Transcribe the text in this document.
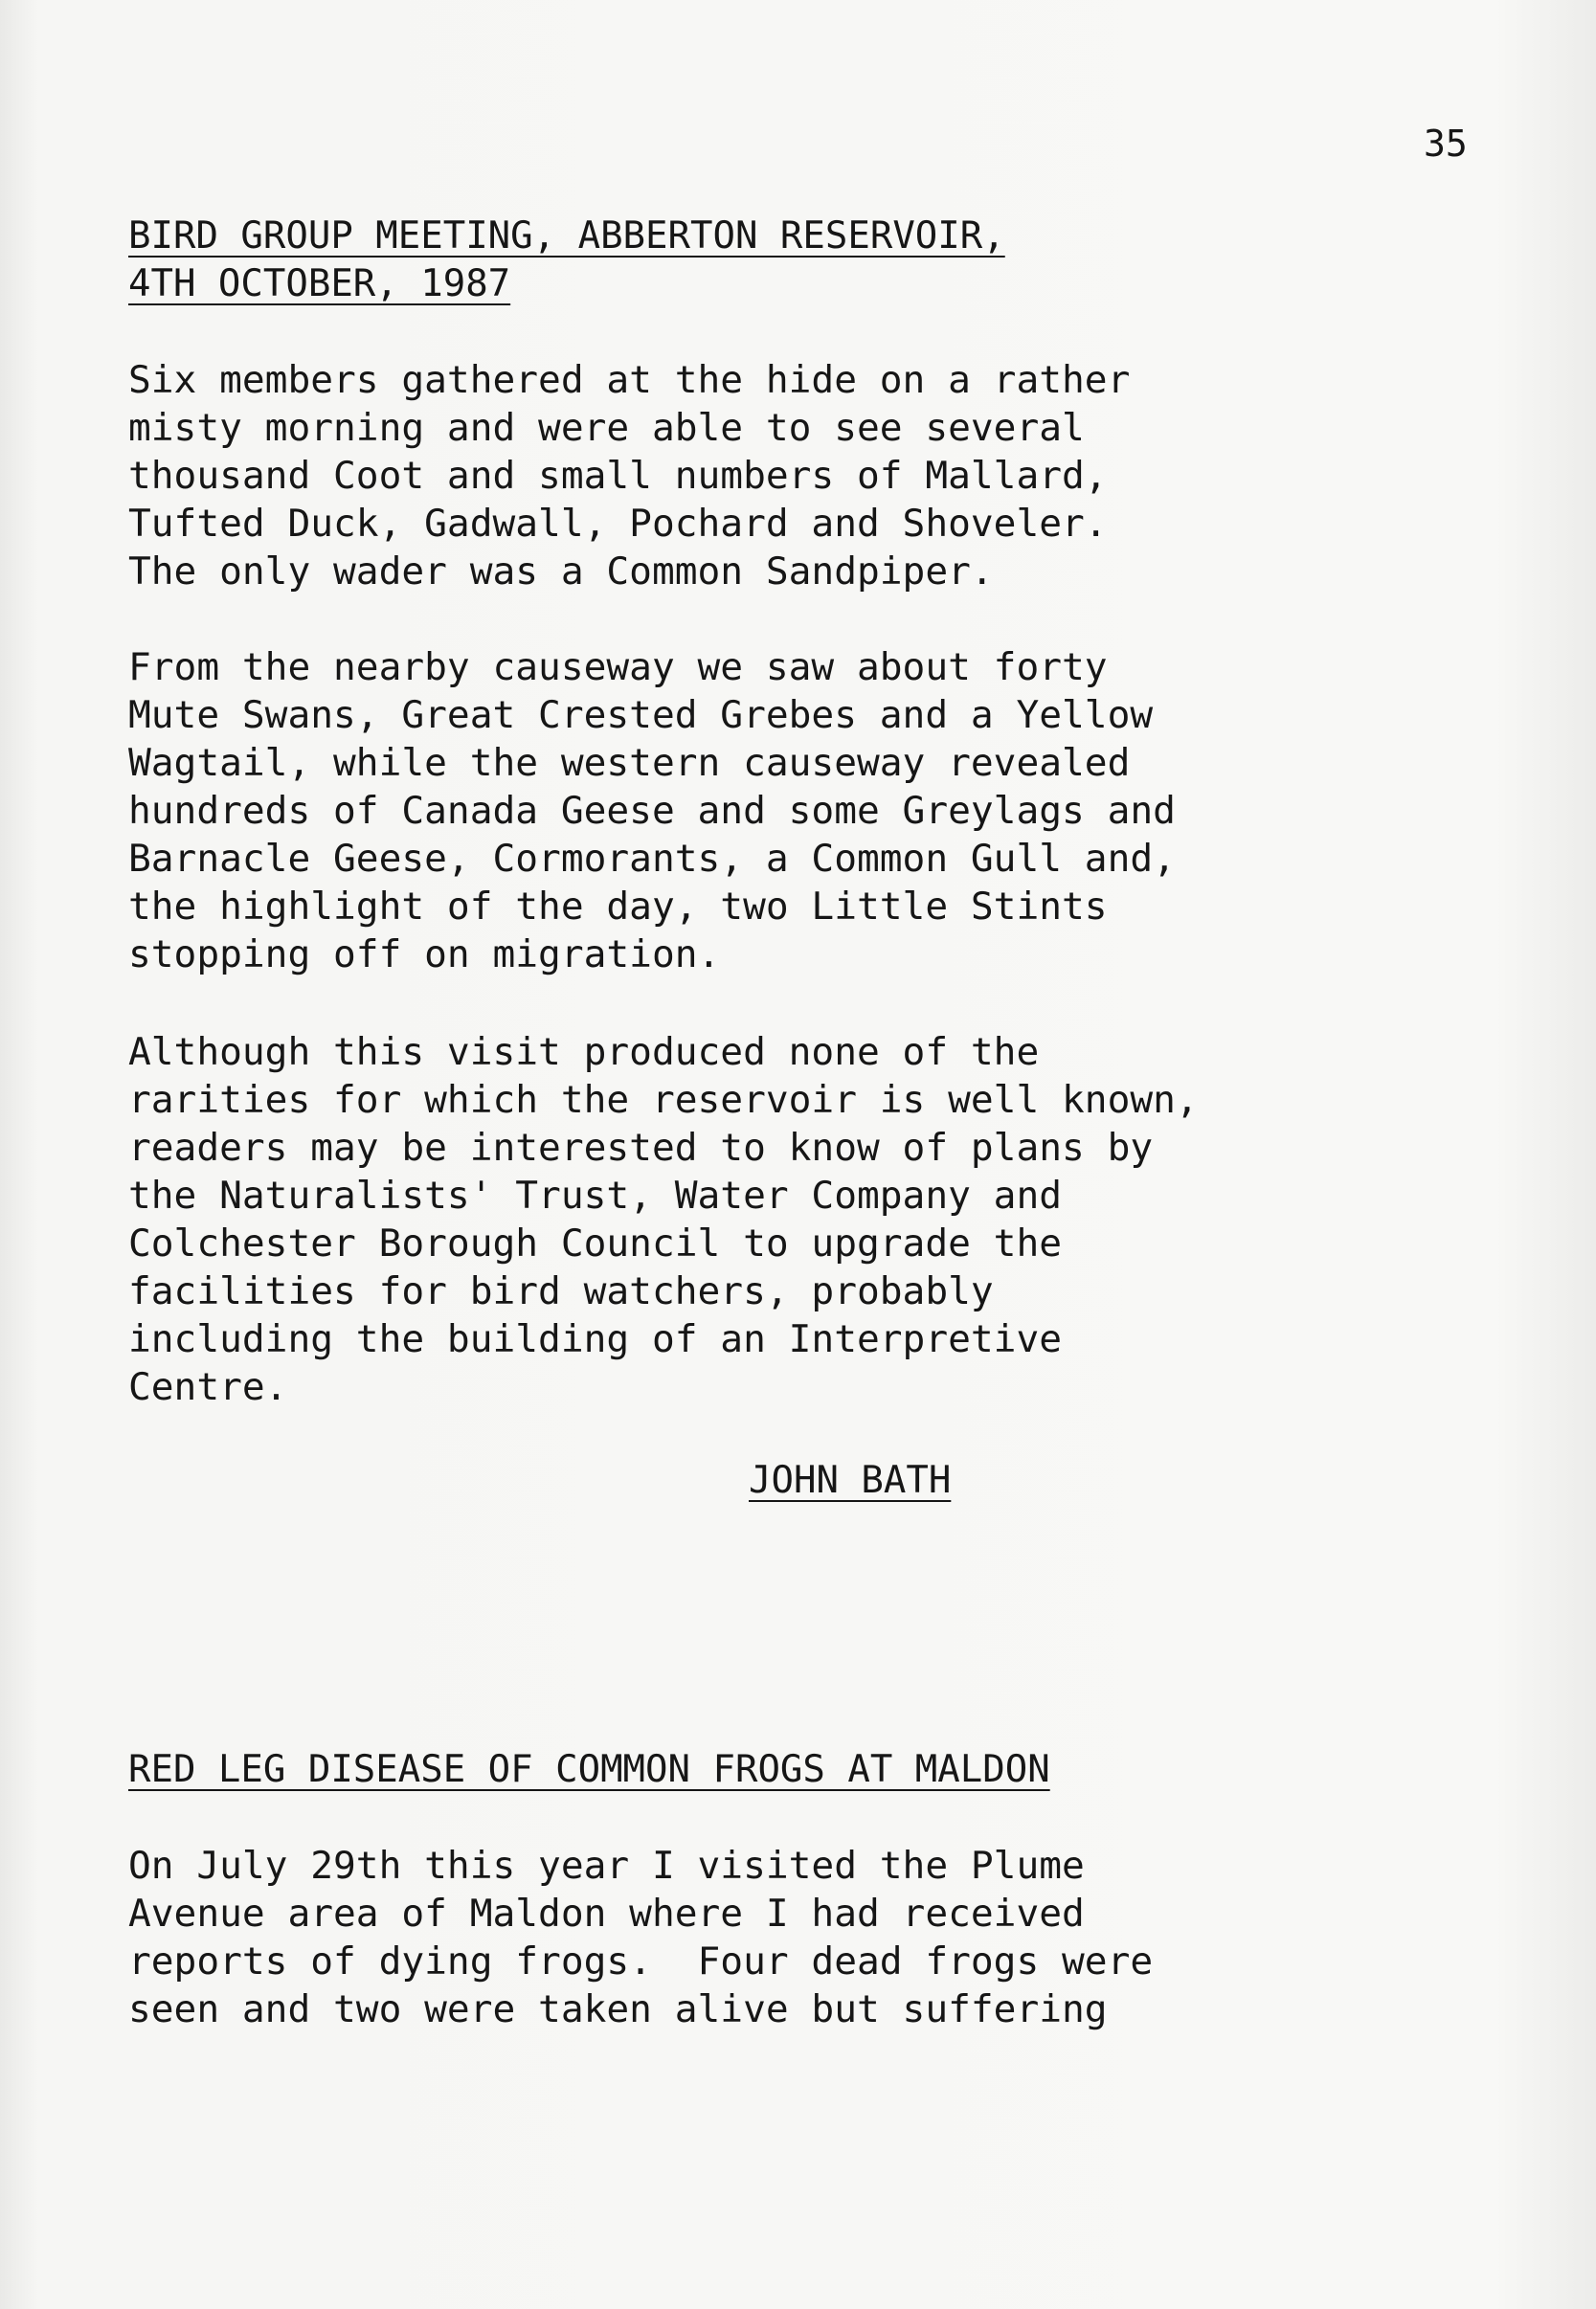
35
BIRD GROUP MEETING, ABBERTON RESERVOIR,
4TH OCTOBER, 1987

Six members gathered at the hide on a rather
misty morning and were able to see several
thousand Coot and small numbers of Mallard,
Tufted Duck, Gadwall, Pochard and Shoveler.
The only wader was a Common Sandpiper.

From the nearby causeway we saw about forty
Mute Swans, Great Crested Grebes and a Yellow
Wagtail, while the western causeway revealed
hundreds of Canada Geese and some Greylags and
Barnacle Geese, Cormorants, a Common Gull and,
the highlight of the day, two Little Stints
stopping off on migration.

Although this visit produced none of the
rarities for which the reservoir is well known,
readers may be interested to know of plans by
the Naturalists' Trust, Water Company and
Colchester Borough Council to upgrade the
facilities for bird watchers, probably
including the building of an Interpretive
Centre.

JOHN BATH
RED LEG DISEASE OF COMMON FROGS AT MALDON

On July 29th this year I visited the Plume
Avenue area of Maldon where I had received
reports of dying frogs.  Four dead frogs were
seen and two were taken alive but suffering
